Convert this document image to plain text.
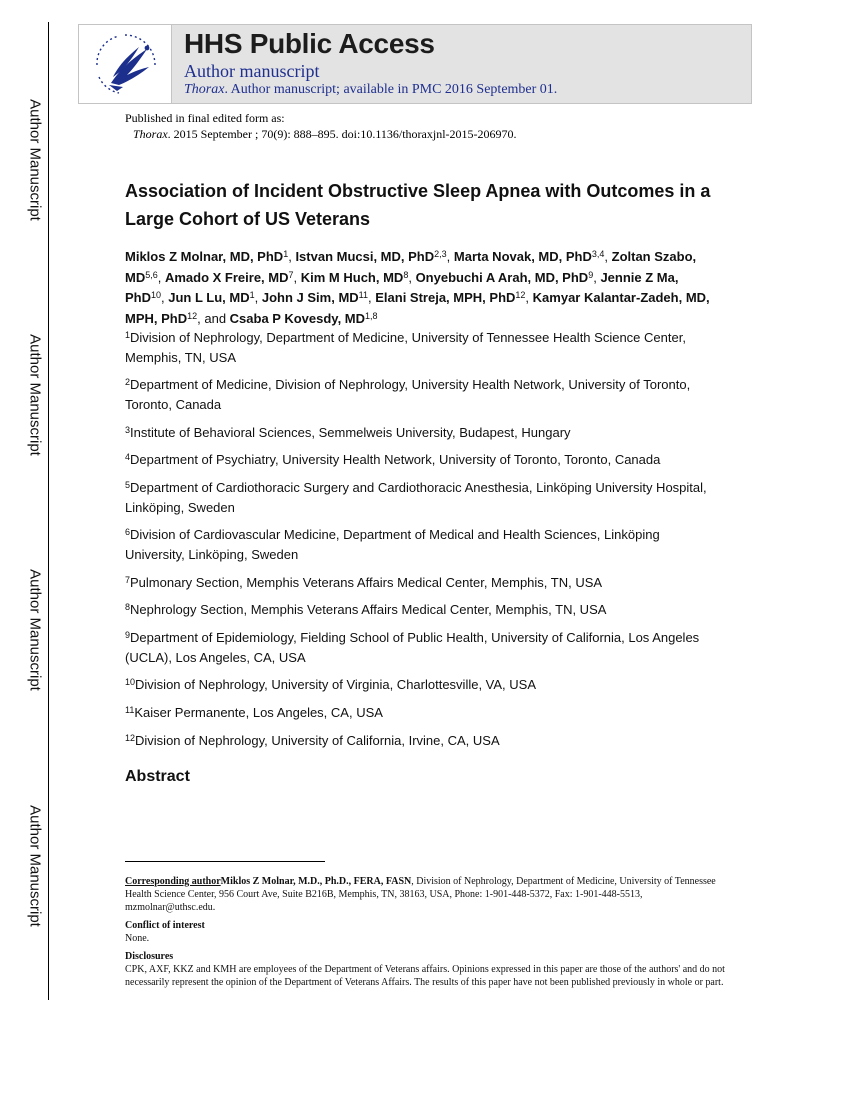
Author Manuscript
Author Manuscript
Author Manuscript
Author Manuscript
HHS Public Access
Author manuscript
Thorax. Author manuscript; available in PMC 2016 September 01.
Published in final edited form as:
Thorax. 2015 September ; 70(9): 888–895. doi:10.1136/thoraxjnl-2015-206970.
Association of Incident Obstructive Sleep Apnea with Outcomes in a Large Cohort of US Veterans
Miklos Z Molnar, MD, PhD$^1$, Istvan Mucsi, MD, PhD$^{2,3}$, Marta Novak, MD, PhD$^{3,4}$, Zoltan Szabo, MD$^{5,6}$, Amado X Freire, $MD^7$, Kim M Huch, $MD^8$, Onyebuchi A Arah, MD, PhD$^9$, Jennie Z Ma, PhD$^{10}$, Jun L Lu, $MD^1$, John J Sim, MD$^{11}$, Elani Streja, MPH, PhD$^{12}$, Kamyar Kalantar-Zadeh, MD, MPH, PhD$^{12}$, and Csaba P Kovesdy, MD$^{1,8}$
$^1$Division of Nephrology, Department of Medicine, University of Tennessee Health Science Center, Memphis, TN, USA
$^2$Department of Medicine, Division of Nephrology, University Health Network, University of Toronto, Toronto, Canada
$^3$Institute of Behavioral Sciences, Semmelweis University, Budapest, Hungary
$^4$Department of Psychiatry, University Health Network, University of Toronto, Toronto, Canada
$^5$Department of Cardiothoracic Surgery and Cardiothoracic Anesthesia, Linköping University Hospital, Linköping, Sweden
$^6$Division of Cardiovascular Medicine, Department of Medical and Health Sciences, Linköping University, Linköping, Sweden
$^7$Pulmonary Section, Memphis Veterans Affairs Medical Center, Memphis, TN, USA
$^8$Nephrology Section, Memphis Veterans Affairs Medical Center, Memphis, TN, USA
$^9$Department of Epidemiology, Fielding School of Public Health, University of California, Los Angeles (UCLA), Los Angeles, CA, USA
$^{10}$Division of Nephrology, University of Virginia, Charlottesville, VA, USA
$^{11}$Kaiser Permanente, Los Angeles, CA, USA
$^{12}$Division of Nephrology, University of California, Irvine, CA, USA
Abstract
Corresponding authorMiklos Z Molnar, M.D., Ph.D., FERA, FASN, Division of Nephrology, Department of Medicine, University of Tennessee Health Science Center, 956 Court Ave, Suite B216B, Memphis, TN, 38163, USA, Phone: 1-901-448-5372, Fax: 1-901-448-5513, mzmolnar@uthsc.edu.
Conflict of interest
None.
Disclosures
CPK, AXF, KKZ and KMH are employees of the Department of Veterans affairs. Opinions expressed in this paper are those of the authors' and do not necessarily represent the opinion of the Department of Veterans Affairs. The results of this paper have not been published previously in whole or part.
